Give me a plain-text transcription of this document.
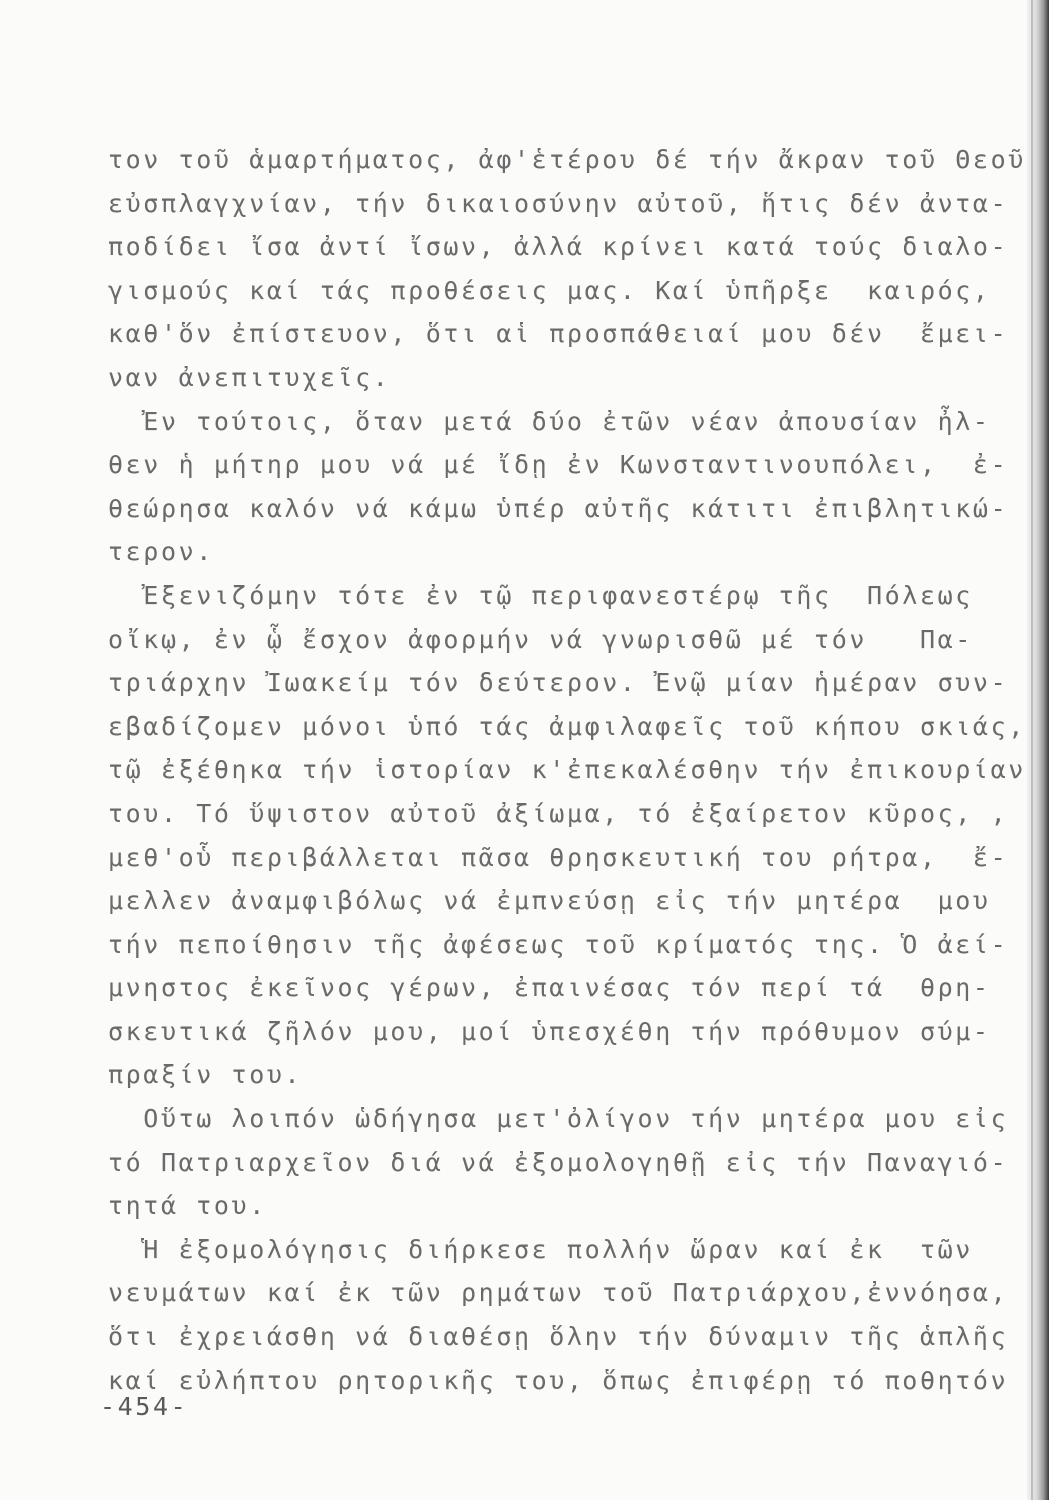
τον τοῦ ἁμαρτήματος, ἀφ'ἑτέρου δέ τήν ἄκραν τοῦ Θεοῦ
εὐσπλαγχνίαν, τήν δικαιοσύνην αὐτοῦ, ἥτις δέν ἀντα-
ποδίδει ἴσα ἀντί ἴσων, ἀλλά κρίνει κατά τούς διαλο-
γισμούς καί τάς προθέσεις μας. Καί ὑπῆρξε  καιρός,
καθ'ὅν ἐπίστευον, ὅτι αἱ προσπάθειαί μου δέν  ἔμει-
ναν ἀνεπιτυχεῖς.
Ἐν τούτοις, ὅταν μετά δύο ἐτῶν νέαν ἀπουσίαν ἦλ-
θεν ἡ μήτηρ μου νά μέ ἴδῃ ἐν Κωνσταντινουπόλει,  ἐ-
θεώρησα καλόν νά κάμω ὑπέρ αὐτῆς κάτιτι ἐπιβλητικώ-
τερον.
Ἐξενιζόμην τότε ἐν τῷ περιφανεστέρῳ τῆς  Πόλεως
οἴκῳ, ἐν ᾧ ἔσχον ἀφορμήν νά γνωρισθῶ μέ τόν   Πα-
τριάρχην Ἰωακείμ τόν δεύτερον. Ἐνῷ μίαν ἡμέραν συν-
εβαδίζομεν μόνοι ὑπό τάς ἀμφιλαφεῖς τοῦ κήπου σκιάς,
τῷ ἐξέθηκα τήν ἱστορίαν κ'ἐπεκαλέσθην τήν ἐπικουρίαν
του. Τό ὕψιστον αὐτοῦ ἀξίωμα, τό ἐξαίρετον κῦρος, ,
μεθ'οὗ περιβάλλεται πᾶσα θρησκευτική του ρήτρα,  ἔ-
μελλεν ἀναμφιβόλως νά ἐμπνεύσῃ εἰς τήν μητέρα  μου
τήν πεποίθησιν τῆς ἀφέσεως τοῦ κρίματός της. Ὁ ἀεί-
μνηστος ἐκεῖνος γέρων, ἐπαινέσας τόν περί τά  θρη-
σκευτικά ζῆλόν μου, μοί ὑπεσχέθη τήν πρόθυμον σύμ-
πραξίν του.
Οὕτω λοιπόν ὡδήγησα μετ'ὀλίγον τήν μητέρα μου εἰς
τό Πατριαρχεῖον διά νά ἐξομολογηθῇ εἰς τήν Παναγιό-
τητά του.
Ἡ ἐξομολόγησις διήρκεσε πολλήν ὥραν καί ἐκ  τῶν
νευμάτων καί ἐκ τῶν ρημάτων τοῦ Πατριάρχου,ἐννόησα,
ὅτι ἐχρειάσθη νά διαθέσῃ ὅλην τήν δύναμιν τῆς ἁπλῆς
καί εὐλήπτου ρητορικῆς του, ὅπως ἐπιφέρῃ τό ποθητόν
-454-
